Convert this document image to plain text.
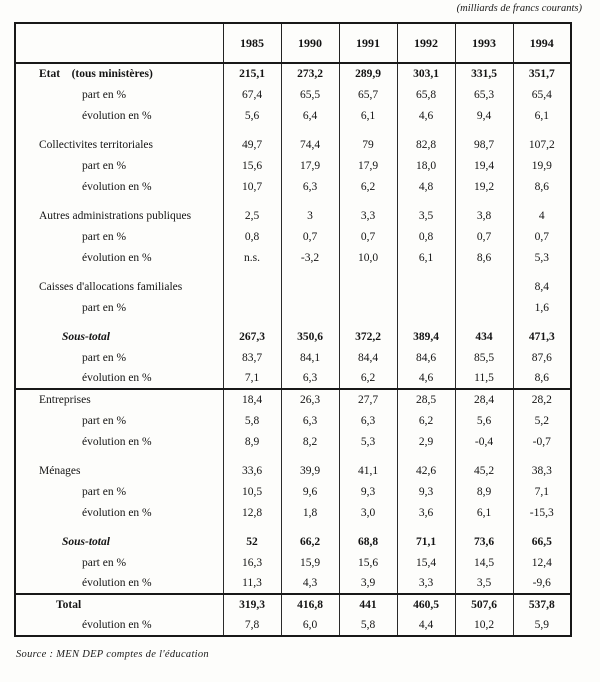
(milliards de francs courants)
	1985	1990	1991	1992	1993	1994
Etat    (tous ministères)	215,1	273,2	289,9	303,1	331,5	351,7
part en %	67,4	65,5	65,7	65,8	65,3	65,4
évolution en %	5,6	6,4	6,1	4,6	9,4	6,1

Collectivites territoriales	49,7	74,4	79	82,8	98,7	107,2
part en %	15,6	17,9	17,9	18,0	19,4	19,9
évolution en %	10,7	6,3	6,2	4,8	19,2	8,6

Autres administrations publiques	2,5	3	3,3	3,5	3,8	4
part en %	0,8	0,7	0,7	0,8	0,7	0,7
évolution en %	n.s.	-3,2	10,0	6,1	8,6	5,3

Caisses d'allocations familiales						8,4
part en %						1,6

Sous-total	267,3	350,6	372,2	389,4	434	471,3
part en %	83,7	84,1	84,4	84,6	85,5	87,6
évolution en %	7,1	6,3	6,2	4,6	11,5	8,6
Entreprises	18,4	26,3	27,7	28,5	28,4	28,2
part en %	5,8	6,3	6,3	6,2	5,6	5,2
évolution en %	8,9	8,2	5,3	2,9	-0,4	-0,7

Ménages	33,6	39,9	41,1	42,6	45,2	38,3
part en %	10,5	9,6	9,3	9,3	8,9	7,1
évolution en %	12,8	1,8	3,0	3,6	6,1	-15,3

Sous-total	52	66,2	68,8	71,1	73,6	66,5
part en %	16,3	15,9	15,6	15,4	14,5	12,4
évolution en %	11,3	4,3	3,9	3,3	3,5	-9,6
Total	319,3	416,8	441	460,5	507,6	537,8
évolution en %	7,8	6,0	5,8	4,4	10,2	5,9
Source : MEN DEP comptes de l'éducation
